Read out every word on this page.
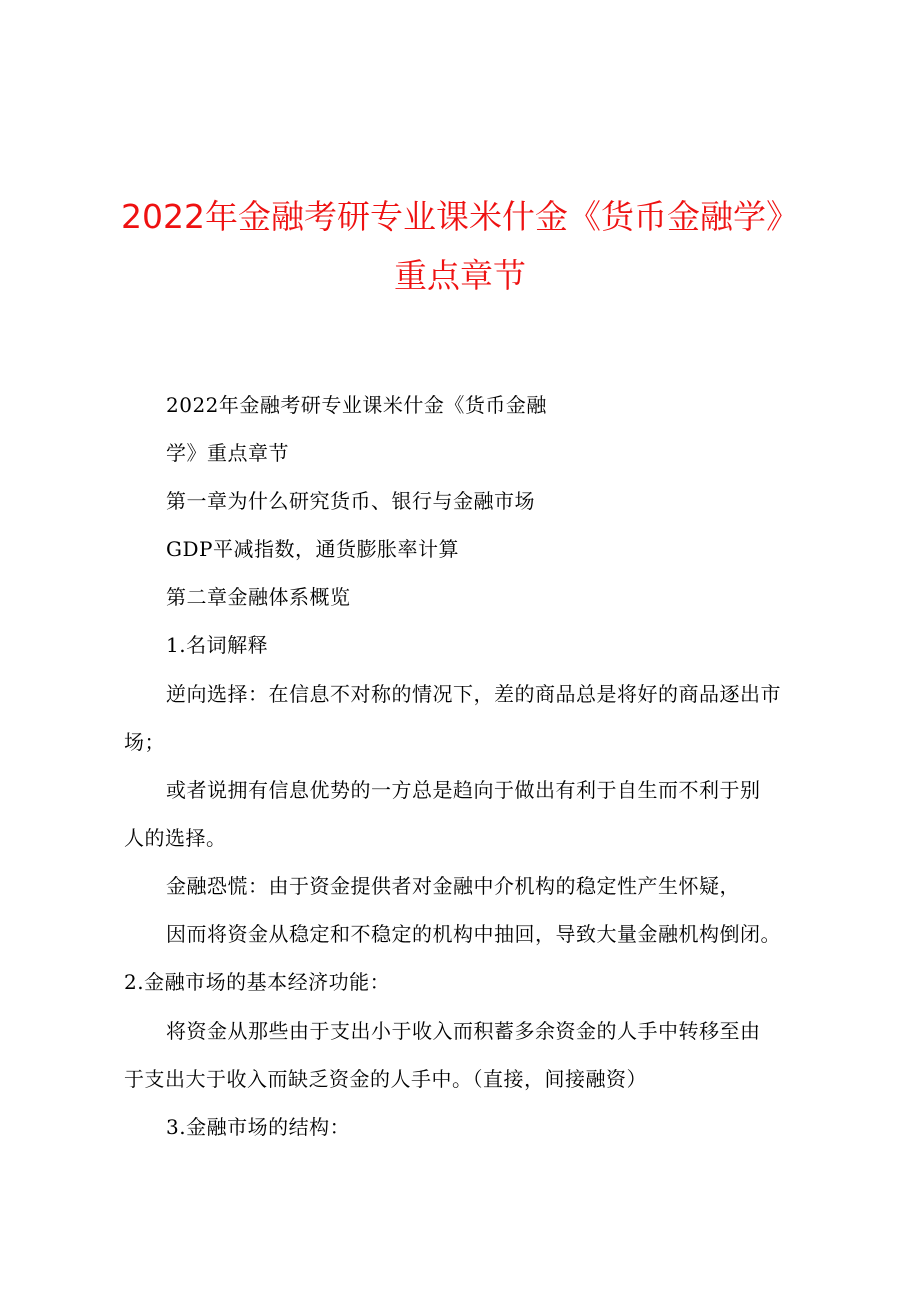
2022年金融考研专业课米什金《货币金融学》
重点章节
2022年金融考研专业课米什金《货币金融
学》重点章节
第一章为什么研究货币、银行与金融市场
GDP平减指数，通货膨胀率计算
第二章金融体系概览
1.名词解释
逆向选择：在信息不对称的情况下，差的商品总是将好的商品逐出市
场；
或者说拥有信息优势的一方总是趋向于做出有利于自生而不利于别
人的选择。
金融恐慌：由于资金提供者对金融中介机构的稳定性产生怀疑，
因而将资金从稳定和不稳定的机构中抽回，导致大量金融机构倒闭。
2.金融市场的基本经济功能：
将资金从那些由于支出小于收入而积蓄多余资金的人手中转移至由
于支出大于收入而缺乏资金的人手中。（直接，间接融资）
3.金融市场的结构：
